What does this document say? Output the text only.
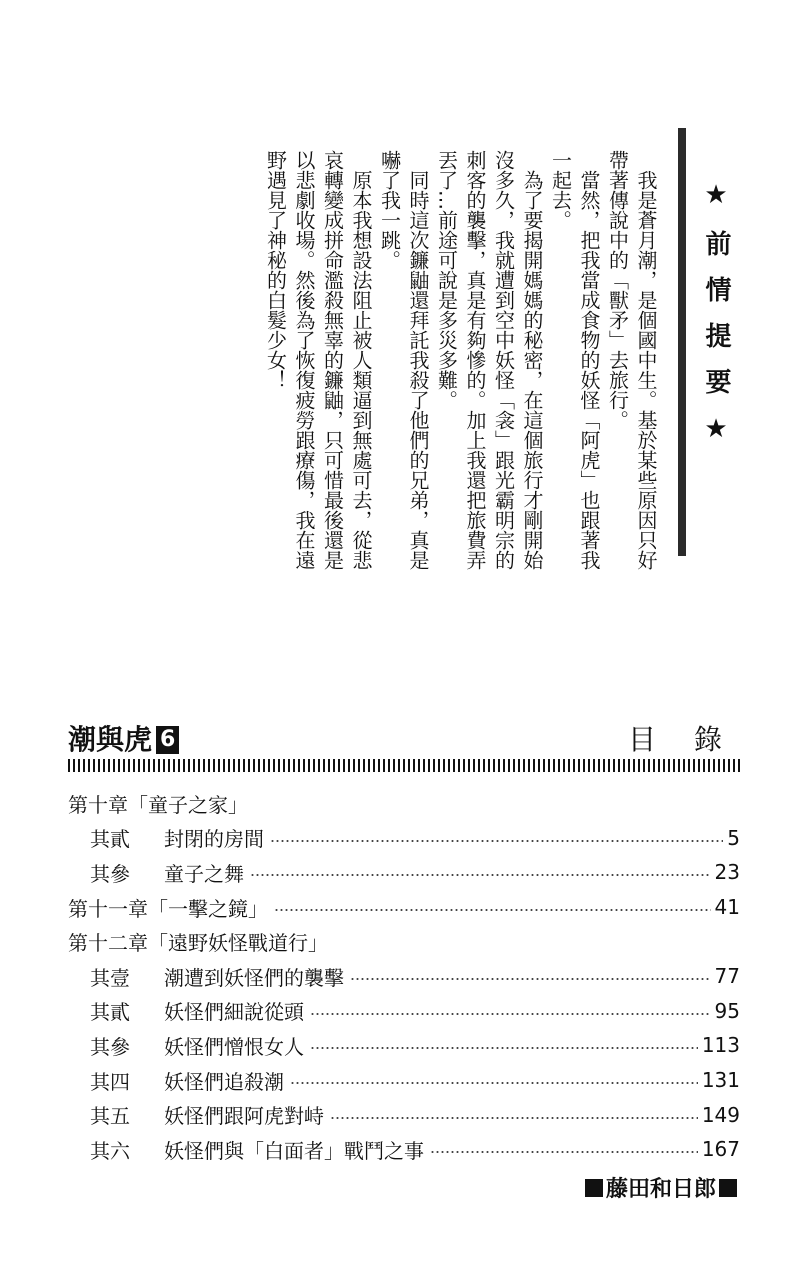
★前情提要★

我是蒼月潮，是個國中生。基於某些原因只好帶著傳說中的「獸矛」去旅行。

當然，把我當成食物的妖怪「阿虎」也跟著我一起去。

為了要揭開媽媽的秘密，在這個旅行才剛開始沒多久，我就遭到空中妖怪「衾」跟光霸明宗的刺客的襲擊，真是有夠慘的。加上我還把旅費弄丟了…前途可說是多災多難。

同時這次鐮鼬還拜託我殺了他們的兄弟，真是嚇了我一跳。

原本我想設法阻止被人類逼到無處可去，從悲哀轉變成拼命濫殺無辜的鐮鼬，只可惜最後還是以悲劇收場。然後為了恢復疲勞跟療傷，我在遠野遇見了神秘的白髮少女！

潮與虎 6	目錄
第十章「童子之家」
其貳	封閉的房間	5
其參	童子之舞	23
第十一章「一擊之鏡」	41
第十二章「遠野妖怪戰道行」
其壹	潮遭到妖怪們的襲擊	77
其貳	妖怪們細說從頭	95
其參	妖怪們憎恨女人	113
其四	妖怪們追殺潮	131
其五	妖怪們跟阿虎對峙	149
其六	妖怪們與「白面者」戰鬥之事	167
藤田和日郎
